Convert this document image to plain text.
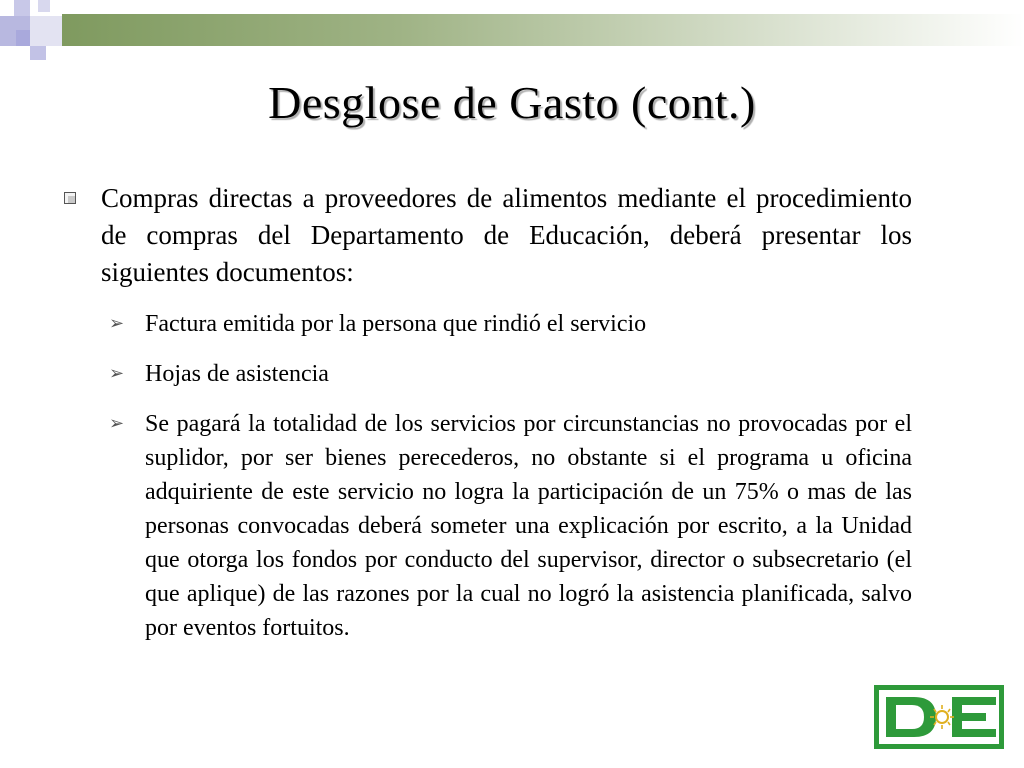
Desglose de Gasto (cont.)
Compras directas a proveedores de alimentos mediante el procedimiento de compras del Departamento de Educación, deberá presentar los siguientes documentos:
➢ Factura emitida por la persona que rindió el servicio
➢ Hojas de asistencia
➢ Se pagará la totalidad de los servicios por circunstancias no provocadas por el suplidor, por ser bienes perecederos, no obstante si el programa u oficina adquiriente de este servicio no logra la participación de un 75% o mas de las personas convocadas deberá someter una explicación por escrito, a la Unidad que otorga los fondos por conducto del supervisor, director o subsecretario (el que aplique) de las razones por la cual no logró la asistencia planificada, salvo por eventos fortuitos.
